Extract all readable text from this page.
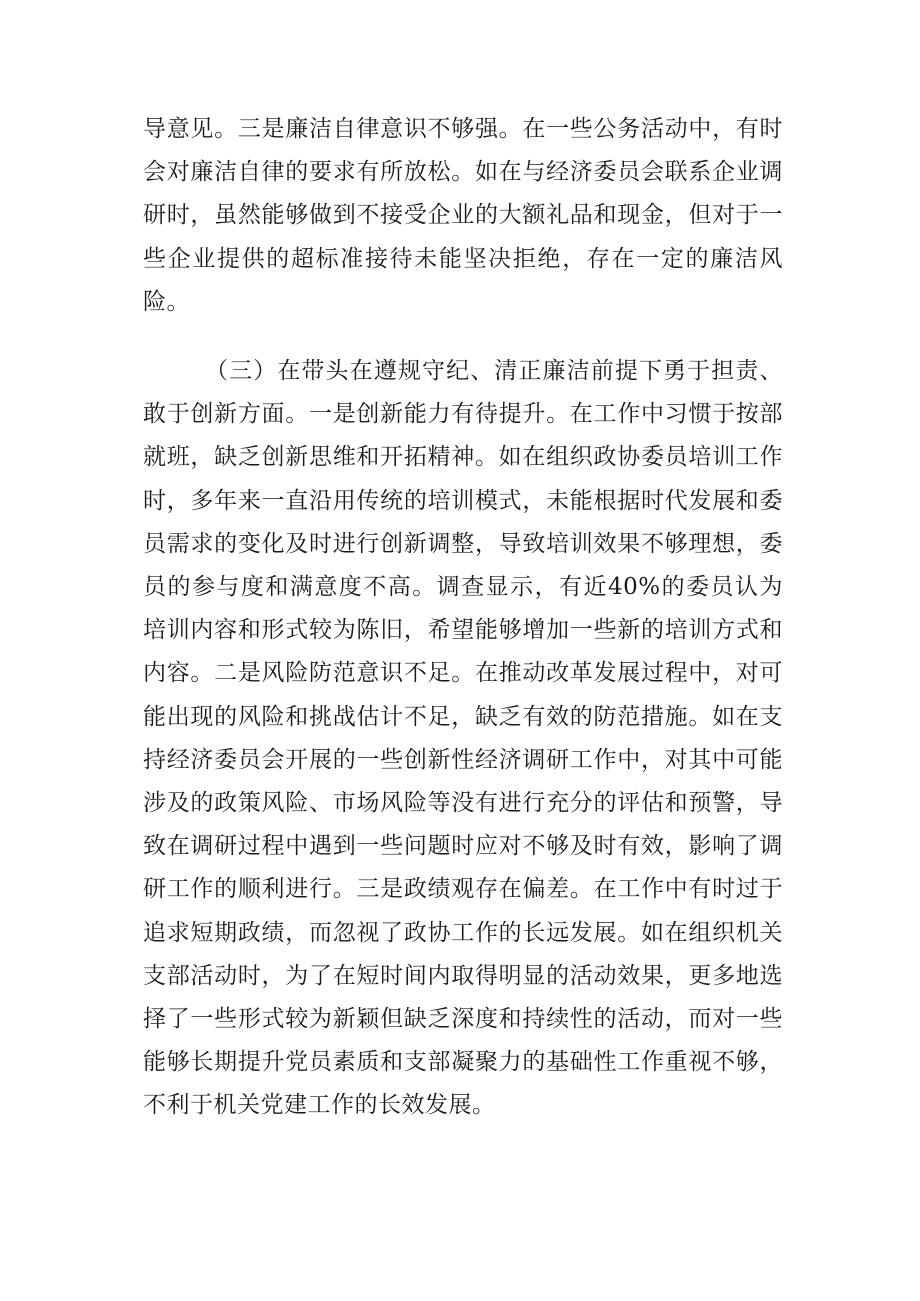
导意见。三是廉洁自律意识不够强。在一些公务活动中，有时会对廉洁自律的要求有所放松。如在与经济委员会联系企业调研时，虽然能够做到不接受企业的大额礼品和现金，但对于一些企业提供的超标准接待未能坚决拒绝，存在一定的廉洁风险。

（三）在带头在遵规守纪、清正廉洁前提下勇于担责、敢于创新方面。一是创新能力有待提升。在工作中习惯于按部就班，缺乏创新思维和开拓精神。如在组织政协委员培训工作时，多年来一直沿用传统的培训模式，未能根据时代发展和委员需求的变化及时进行创新调整，导致培训效果不够理想，委员的参与度和满意度不高。调查显示，有近40%的委员认为培训内容和形式较为陈旧，希望能够增加一些新的培训方式和内容。二是风险防范意识不足。在推动改革发展过程中，对可能出现的风险和挑战估计不足，缺乏有效的防范措施。如在支持经济委员会开展的一些创新性经济调研工作中，对其中可能涉及的政策风险、市场风险等没有进行充分的评估和预警，导致在调研过程中遇到一些问题时应对不够及时有效，影响了调研工作的顺利进行。三是政绩观存在偏差。在工作中有时过于追求短期政绩，而忽视了政协工作的长远发展。如在组织机关支部活动时，为了在短时间内取得明显的活动效果，更多地选择了一些形式较为新颖但缺乏深度和持续性的活动，而对一些能够长期提升党员素质和支部凝聚力的基础性工作重视不够，不利于机关党建工作的长效发展。
